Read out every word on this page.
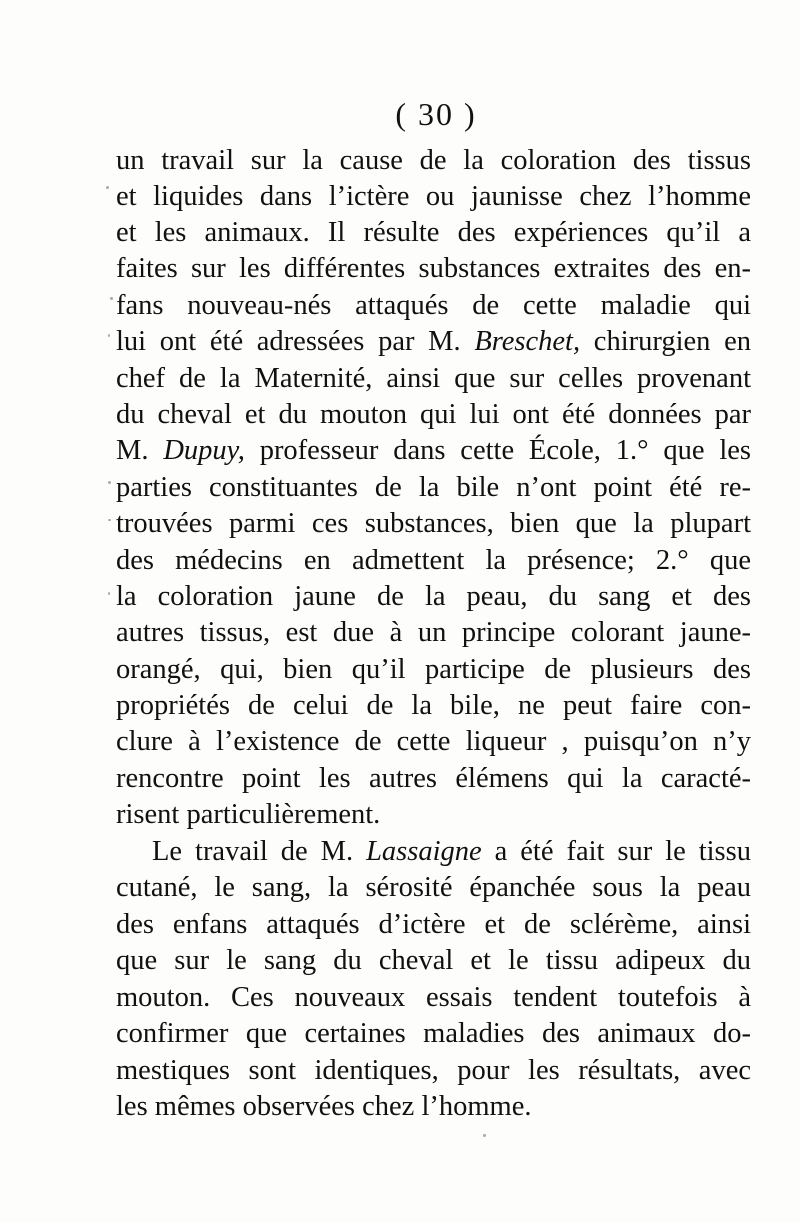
( 30 )
un travail sur la cause de la coloration des tissus
et liquides dans l’ictère ou jaunisse chez l’homme
et les animaux. Il résulte des expériences qu’il a
faites sur les différentes substances extraites des en-
fans nouveau-nés attaqués de cette maladie qui
lui ont été adressées par M. Breschet, chirurgien en
chef de la Maternité, ainsi que sur celles provenant
du cheval et du mouton qui lui ont été données par
M. Dupuy, professeur dans cette École, 1.° que les
parties constituantes de la bile n’ont point été re-
trouvées parmi ces substances, bien que la plupart
des médecins en admettent la présence; 2.° que
la coloration jaune de la peau, du sang et des
autres tissus, est due à un principe colorant jaune-
orangé, qui, bien qu’il participe de plusieurs des
propriétés de celui de la bile, ne peut faire con-
clure à l’existence de cette liqueur , puisqu’on n’y
rencontre point les autres élémens qui la caracté-
risent particulièrement.
Le travail de M. Lassaigne a été fait sur le tissu
cutané, le sang, la sérosité épanchée sous la peau
des enfans attaqués d’ictère et de sclérème, ainsi
que sur le sang du cheval et le tissu adipeux du
mouton. Ces nouveaux essais tendent toutefois à
confirmer que certaines maladies des animaux do-
mestiques sont identiques, pour les résultats, avec
les mêmes observées chez l’homme.
